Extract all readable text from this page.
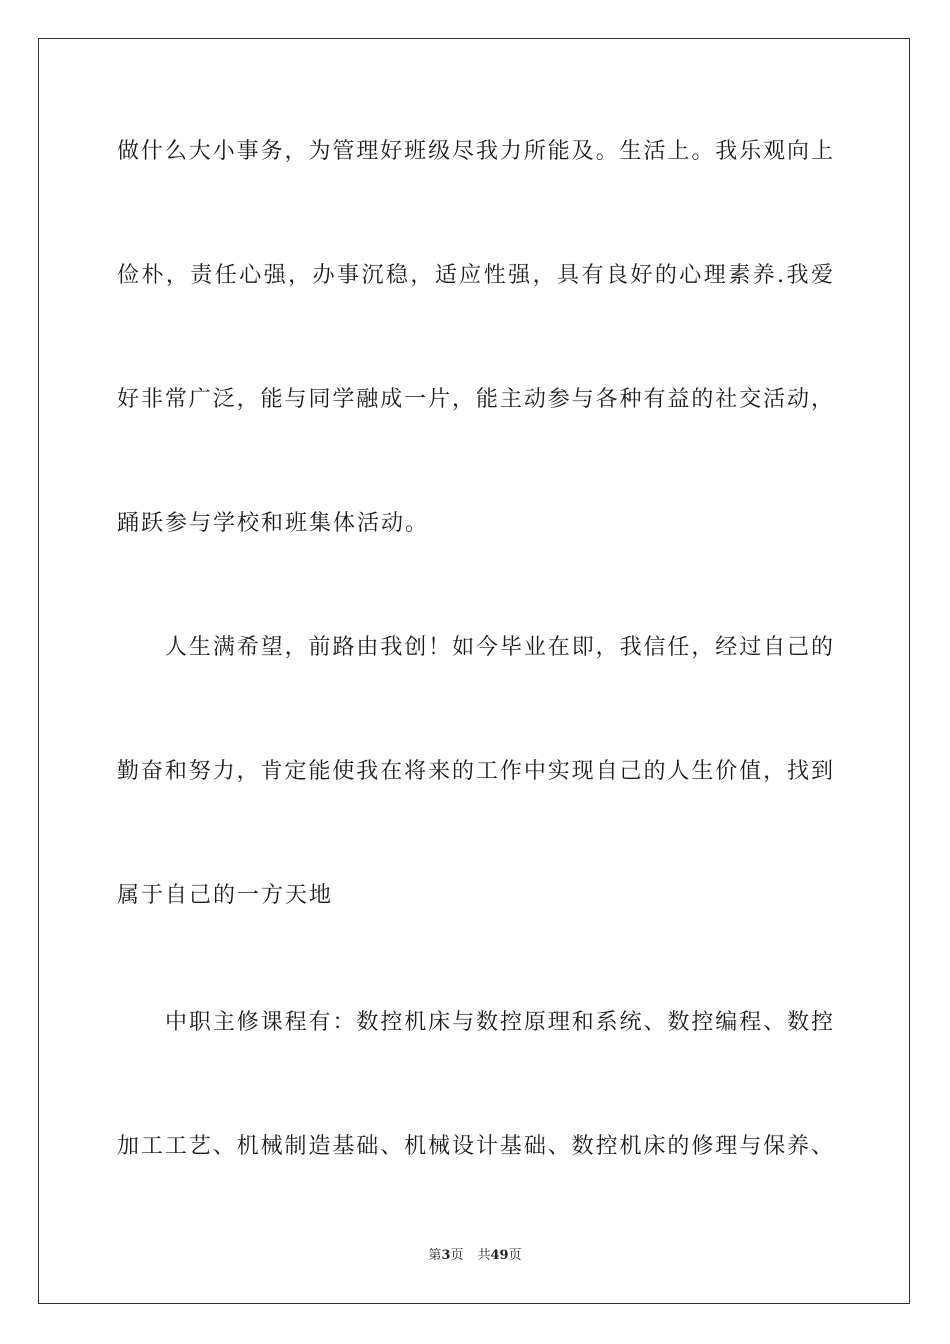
做什么大小事务，为管理好班级尽我力所能及。生活上。我乐观向上
俭朴，责任心强，办事沉稳，适应性强，具有良好的心理素养.我爱
好非常广泛，能与同学融成一片，能主动参与各种有益的社交活动，
踊跃参与学校和班集体活动。
人生满希望，前路由我创！如今毕业在即，我信任，经过自己的
勤奋和努力，肯定能使我在将来的工作中实现自己的人生价值，找到
属于自己的一方天地
中职主修课程有：数控机床与数控原理和系统、数控编程、数控
加工工艺、机械制造基础、机械设计基础、数控机床的修理与保养、
第3页 共49页
